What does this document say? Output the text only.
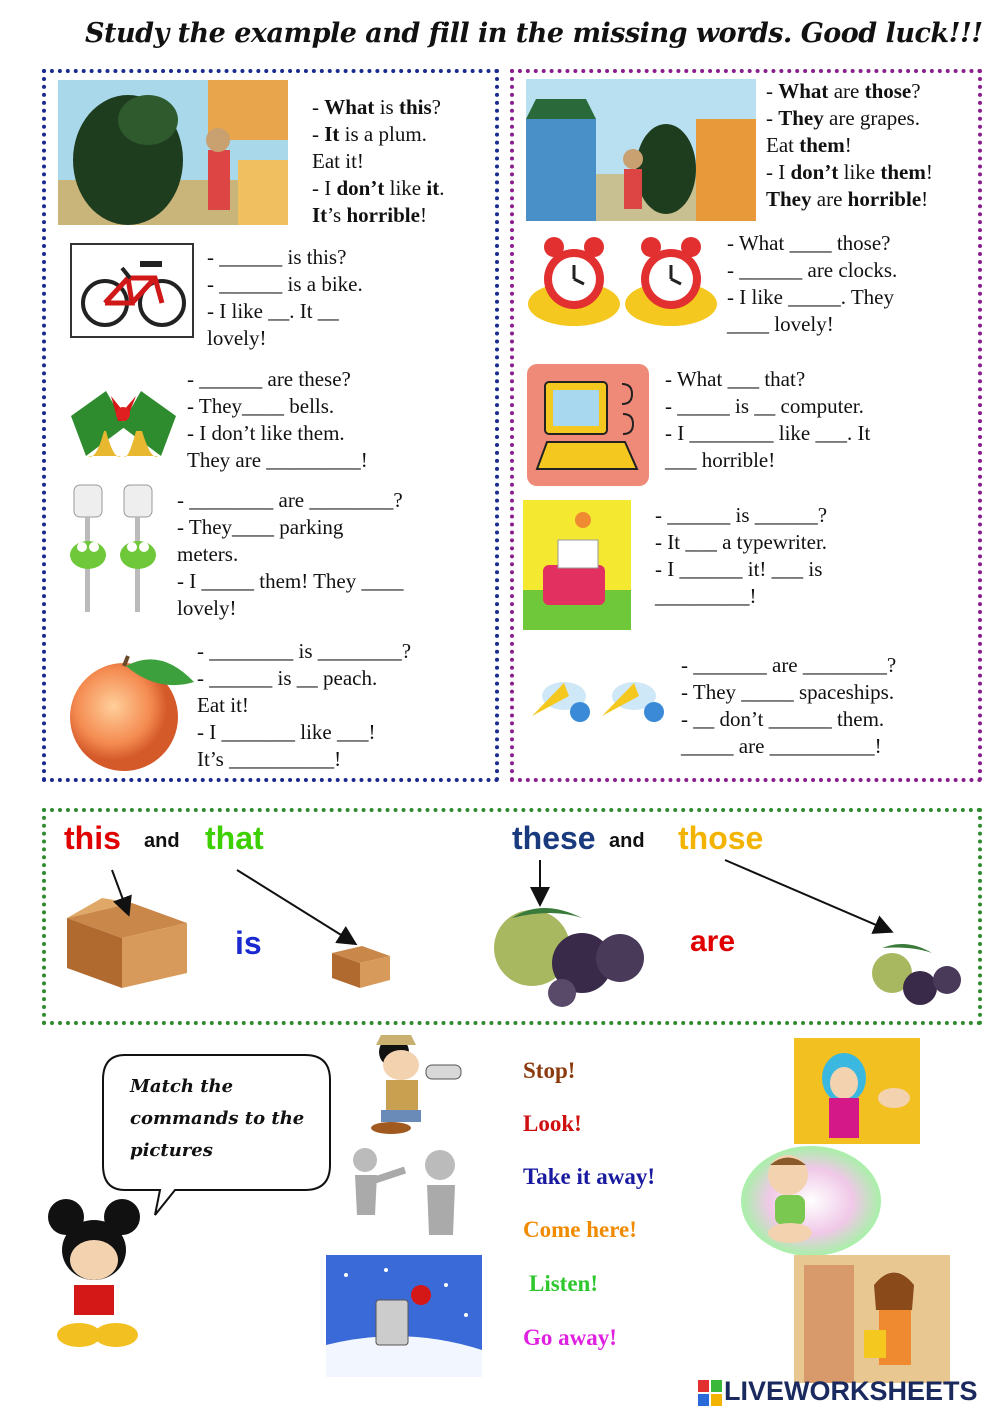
Study the example and fill in the missing words. Good luck!!!
- What is this?
- It is a plum.
Eat it!
- I don’t like it.
It’s horrible!
- ______ is this?
- ______ is a bike.
- I like __. It __
lovely!
- ______ are these?
- They____ bells.
- I don’t like them.
They are _________!
- ________ are ________?
- They____ parking
meters.
- I _____ them! They ____
lovely!
- ________ is ________?
- ______ is __ peach.
Eat it!
- I _______ like ___!
It’s __________!
- What are those?
- They are grapes.
Eat them!
- I don’t like them!
They are horrible!
- What ____ those?
- ______ are clocks.
- I like _____. They
____ lovely!
- What ___ that?
- _____ is __ computer.
- I ________ like ___. It
___ horrible!
- ______ is ______?
- It ___ a typewriter.
- I ______ it! ___ is
_________!
- _______ are ________?
- They _____ spaceships.
- __ don’t ______ them.
_____ are __________!
this and that	these and those
is	are
Match the
commands to the
pictures
Stop!
Look!
Take it away!
Come here!
Listen!
Go away!
LIVEWORKSHEETS
